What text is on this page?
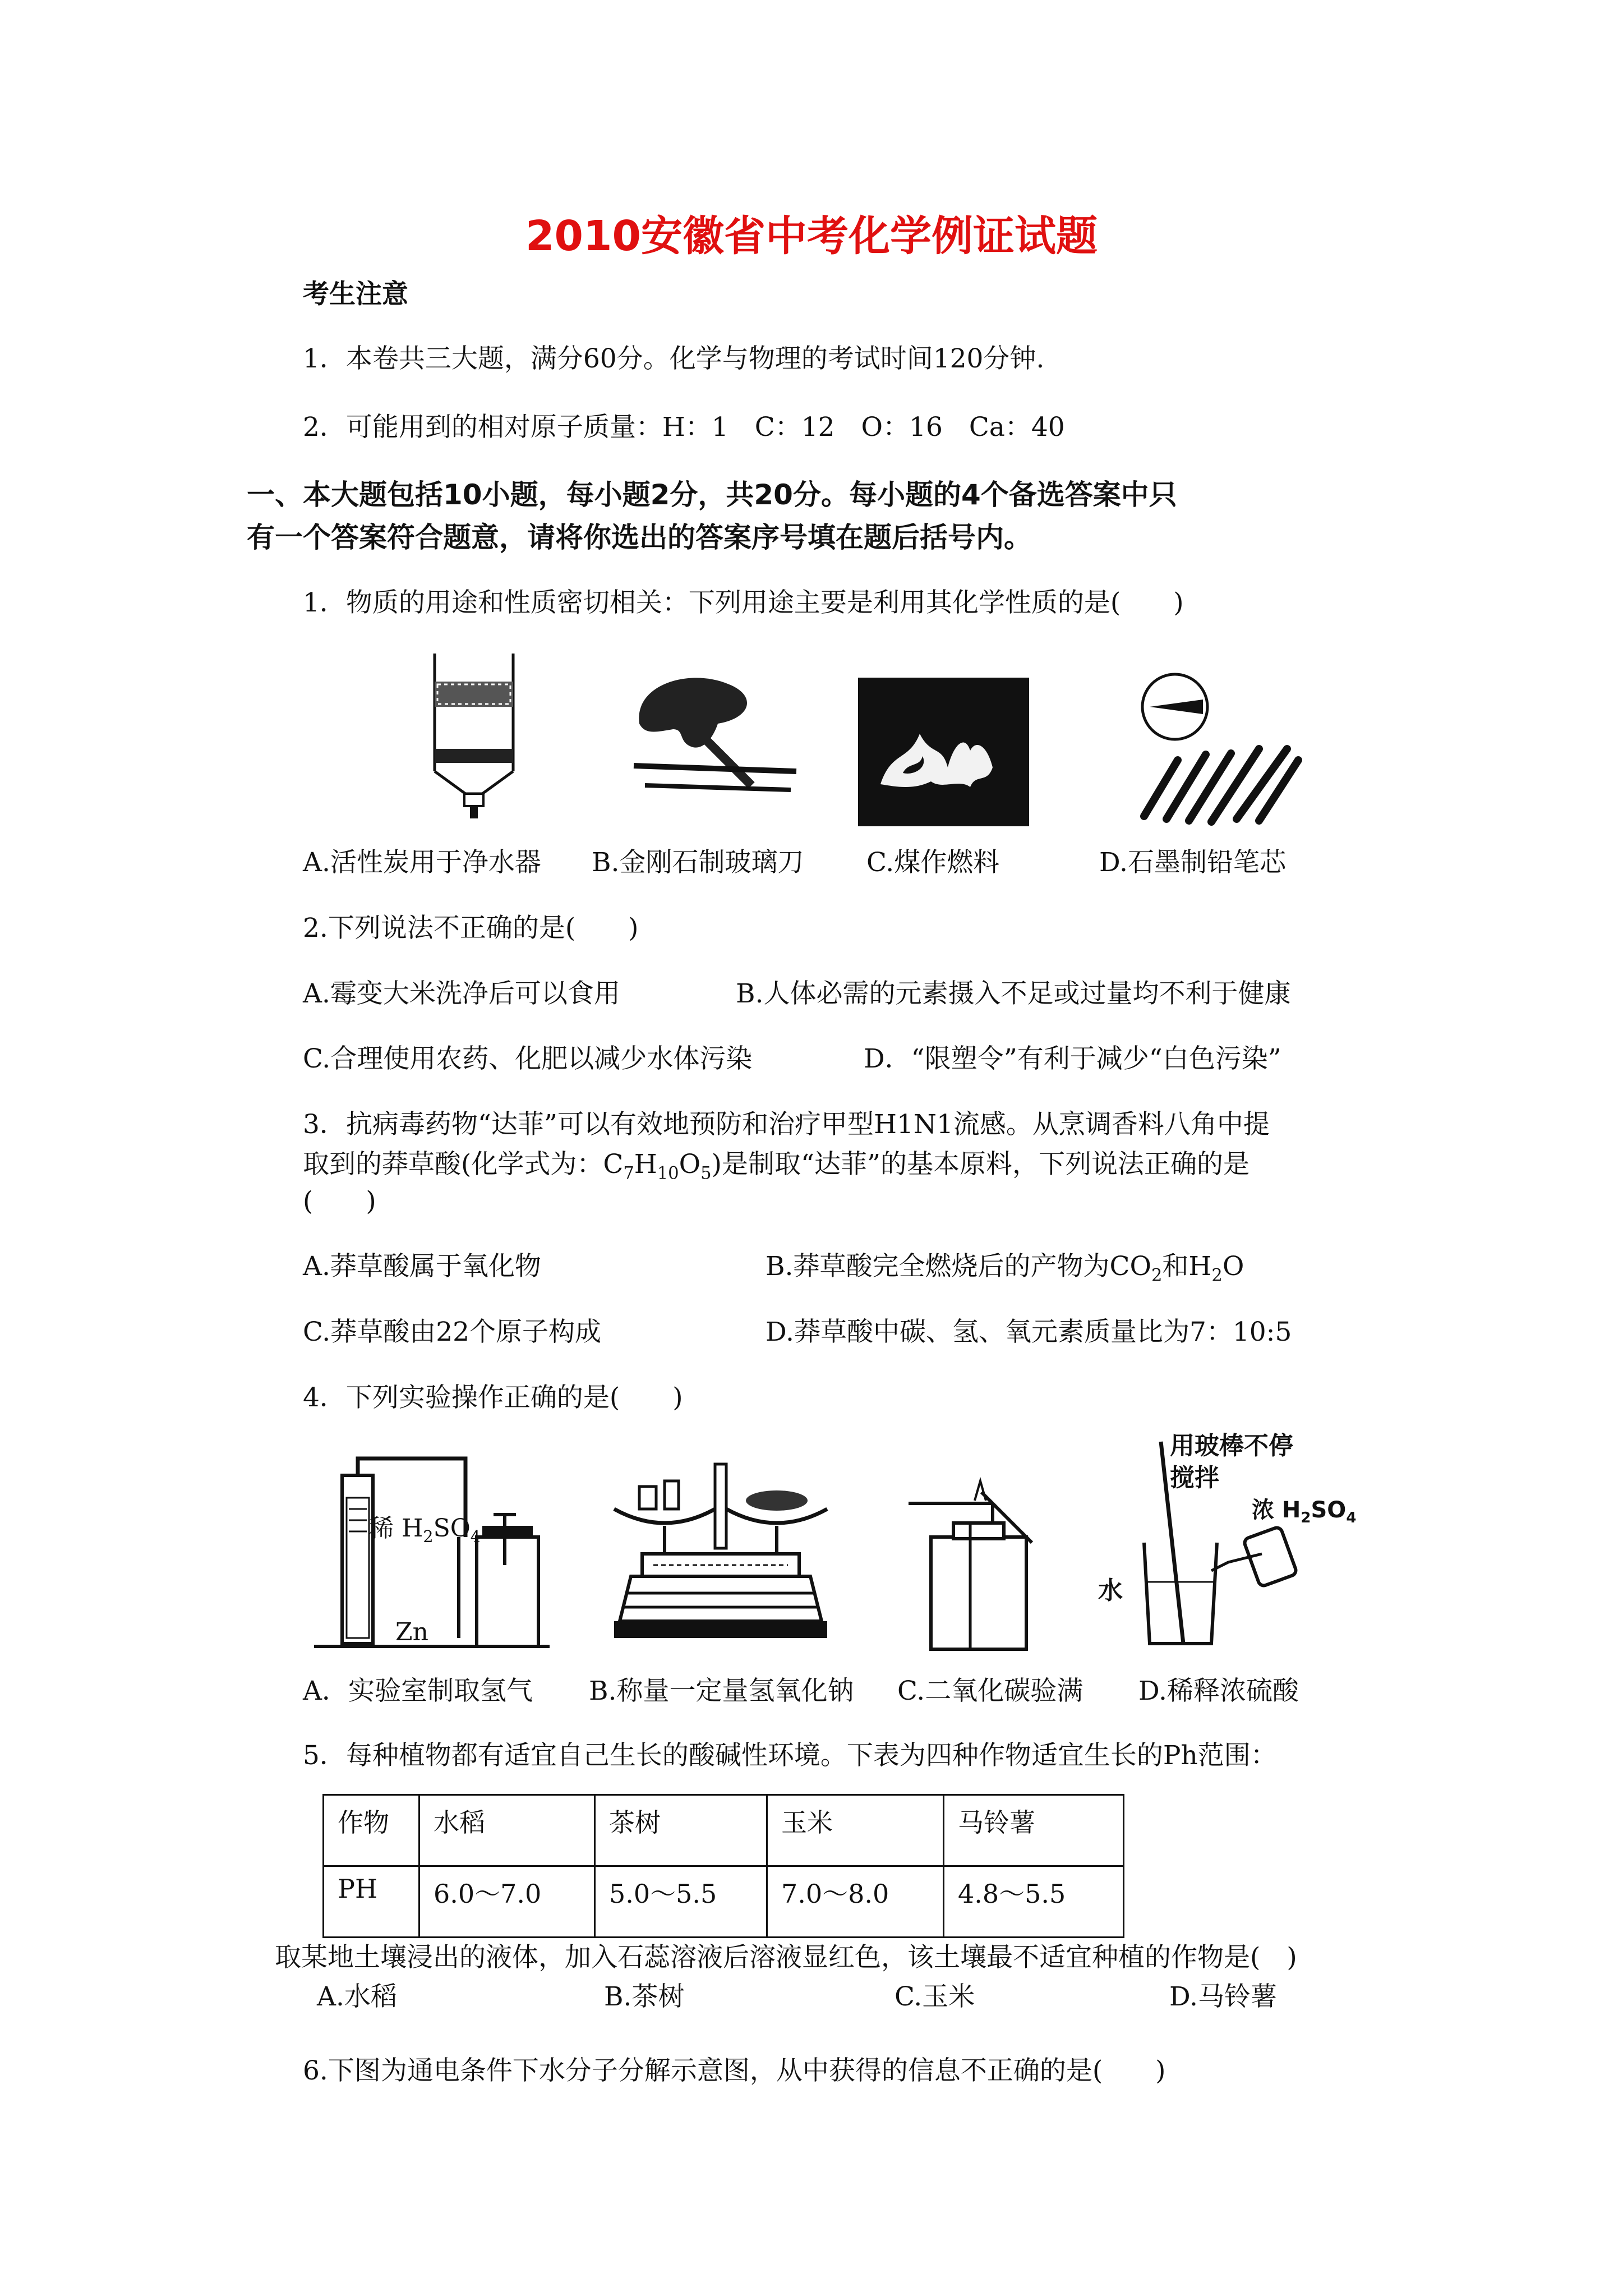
2010安徽省中考化学例证试题
考生注意
1．本卷共三大题，满分60分。化学与物理的考试时间120分钟.
2．可能用到的相对原子质量：H：1　C：12　O：16　Ca：40
一、本大题包括10小题，每小题2分，共20分。每小题的4个备选答案中只
有一个答案符合题意，请将你选出的答案序号填在题后括号内。
1．物质的用途和性质密切相关：下列用途主要是利用其化学性质的是(　　)
A.活性炭用于净水器 B.金刚石制玻璃刀 C.煤作燃料	D.石墨制铅笔芯
2.下列说法不正确的是(　　)
A.霉变大米洗净后可以食用	B.人体必需的元素摄入不足或过量均不利于健康
C.合理使用农药、化肥以减少水体污染	D．“限塑令”有利于减少“白色污染”
3．抗病毒药物“达菲”可以有效地预防和治疗甲型H1N1流感。从烹调香料八角中提
取到的莽草酸(化学式为：$C_7H_{10}O_5$)是制取“达菲”的基本原料，下列说法正确的是
(　　)
A.莽草酸属于氧化物	B.莽草酸完全燃烧后的产物为$CO_2$和$H_2O$
C.莽草酸由22个原子构成	D.莽草酸中碳、氢、氧元素质量比为7：10:5
4．下列实验操作正确的是(　　)
稀 $H_2SO_4$
Zn
用玻棒不停
搅拌
浓 $H_2SO_4$
水
A．实验室制取氢气 B.称量一定量氢氧化钠 C.二氧化碳验满 D.稀释浓硫酸
5．每种植物都有适宜自己生长的酸碱性环境。下表为四种作物适宜生长的Ph范围：
作物	水稻	茶树	玉米	马铃薯
PH	6.0～7.0	5.0～5.5	7.0～8.0	4.8～5.5
取某地土壤浸出的液体，加入石蕊溶液后溶液显红色，该土壤最不适宜种植的作物是(　)
A.水稻	B.茶树	C.玉米	D.马铃薯
6.下图为通电条件下水分子分解示意图，从中获得的信息不正确的是(　　)
